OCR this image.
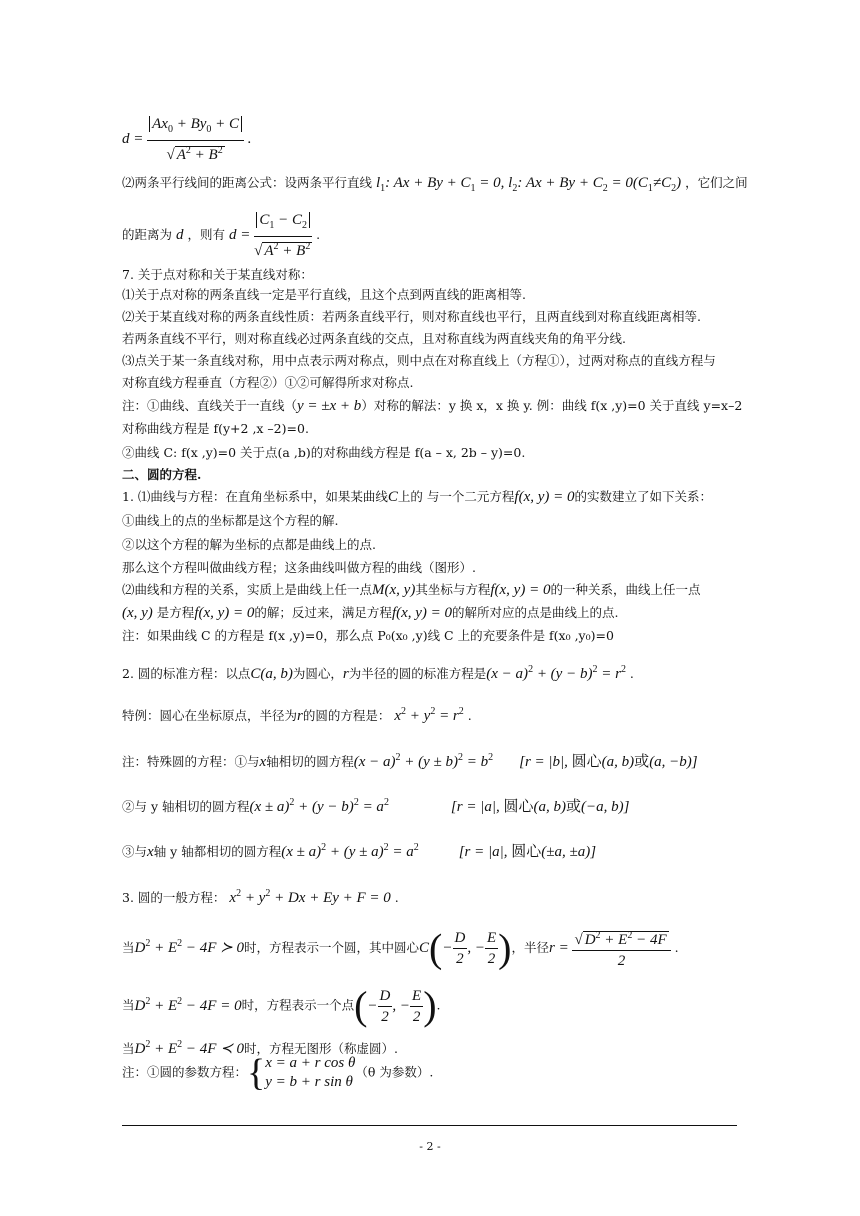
$d = \frac{Ax_0 + By_0 + C}{√ A^2 + B^2}$ .
⑵两条平行线间的距离公式：设两条平行直线 $l_1$: $Ax + By + C_1 = 0$, $l_2$: $Ax + By + C_2 = 0(C_1\ne C_2)$ ，它们之间
的距离为 d ，则有 $d = \frac{C_1 - C_2}{√ A^2 + B^2}$ .
7. 关于点对称和关于某直线对称：
⑴关于点对称的两条直线一定是平行直线，且这个点到两直线的距离相等.
⑵关于某直线对称的两条直线性质：若两条直线平行，则对称直线也平行，且两直线到对称直线距离相等.
若两条直线不平行，则对称直线必过两条直线的交点，且对称直线为两直线夹角的角平分线.
⑶点关于某一条直线对称，用中点表示两对称点，则中点在对称直线上（方程①），过两对称点的直线方程与
对称直线方程垂直（方程②）①②可解得所求对称点.
注：①曲线、直线关于一直线（y = ±x + b）对称的解法：y 换 x，x 换 y. 例：曲线 f(x ,y)=0 关于直线 y=x–2
对称曲线方程是 f(y+2 ,x –2)=0.
②曲线 C: f(x ,y)=0 关于点(a ,b)的对称曲线方程是 f(a – x, 2b – y)=0.
二、圆的方程.
1. ⑴曲线与方程：在直角坐标系中，如果某曲线C上的 与一个二元方程f(x, y) = 0的实数建立了如下关系：
①曲线上的点的坐标都是这个方程的解.
②以这个方程的解为坐标的点都是曲线上的点.
那么这个方程叫做曲线方程；这条曲线叫做方程的曲线（图形）.
⑵曲线和方程的关系，实质上是曲线上任一点M(x, y)其坐标与方程f(x, y) = 0的一种关系，曲线上任一点
(x, y) 是方程f(x, y) = 0的解；反过来，满足方程f(x, y) = 0的解所对应的点是曲线上的点.
注：如果曲线 C 的方程是 f(x ,y)=0，那么点 P₀(x₀ ,y)线 C 上的充要条件是 f(x₀ ,y₀)=0
2. 圆的标准方程：以点C(a, b)为圆心，r为半径的圆的标准方程是$(x - a)^2 + (y - b)^2 = r^2$ .
特例：圆心在坐标原点，半径为r的圆的方程是： $x^2 + y^2 = r^2$ .
注：特殊圆的方程：①与x轴相切的圆方程$(x - a)^2 + (y \pm b)^2 = b^2$ [r = |b|, 圆心(a, b)或(a, −b)]
②与 y 轴相切的圆方程$(x \pm a)^2 + (y - b)^2 = a^2$	[r = |a|, 圆心(a, b)或(−a, b)]
③与x轴 y 轴都相切的圆方程$(x \pm a)^2 + (y \pm a)^2 = a^2$	[r = |a|, 圆心(±a, ±a)]
3. 圆的一般方程： $x^2 + y^2 + Dx + Ey + F = 0$ .
当$D^2 + E^2 - 4F$ ≻ 0时，方程表示一个圆，其中圆心$C(- \frac{D}{2}$ , − $\frac{E}{2}$ )，半径$r = \frac{√ D^2 + E^2 - 4F}{2}$ .
当$D^2 + E^2 - 4F = 0$时，方程表示一个点(− $\frac{D}{2}$ , − $\frac{E}{2}$ ).
当$D^2 + E^2 - 4F$ ≺ 0时，方程无图形（称虚圆）.
注：①圆的参数方程：{ x = a + r cos θ
y = b + r sin θ
（θ 为参数）.
- 2 -
